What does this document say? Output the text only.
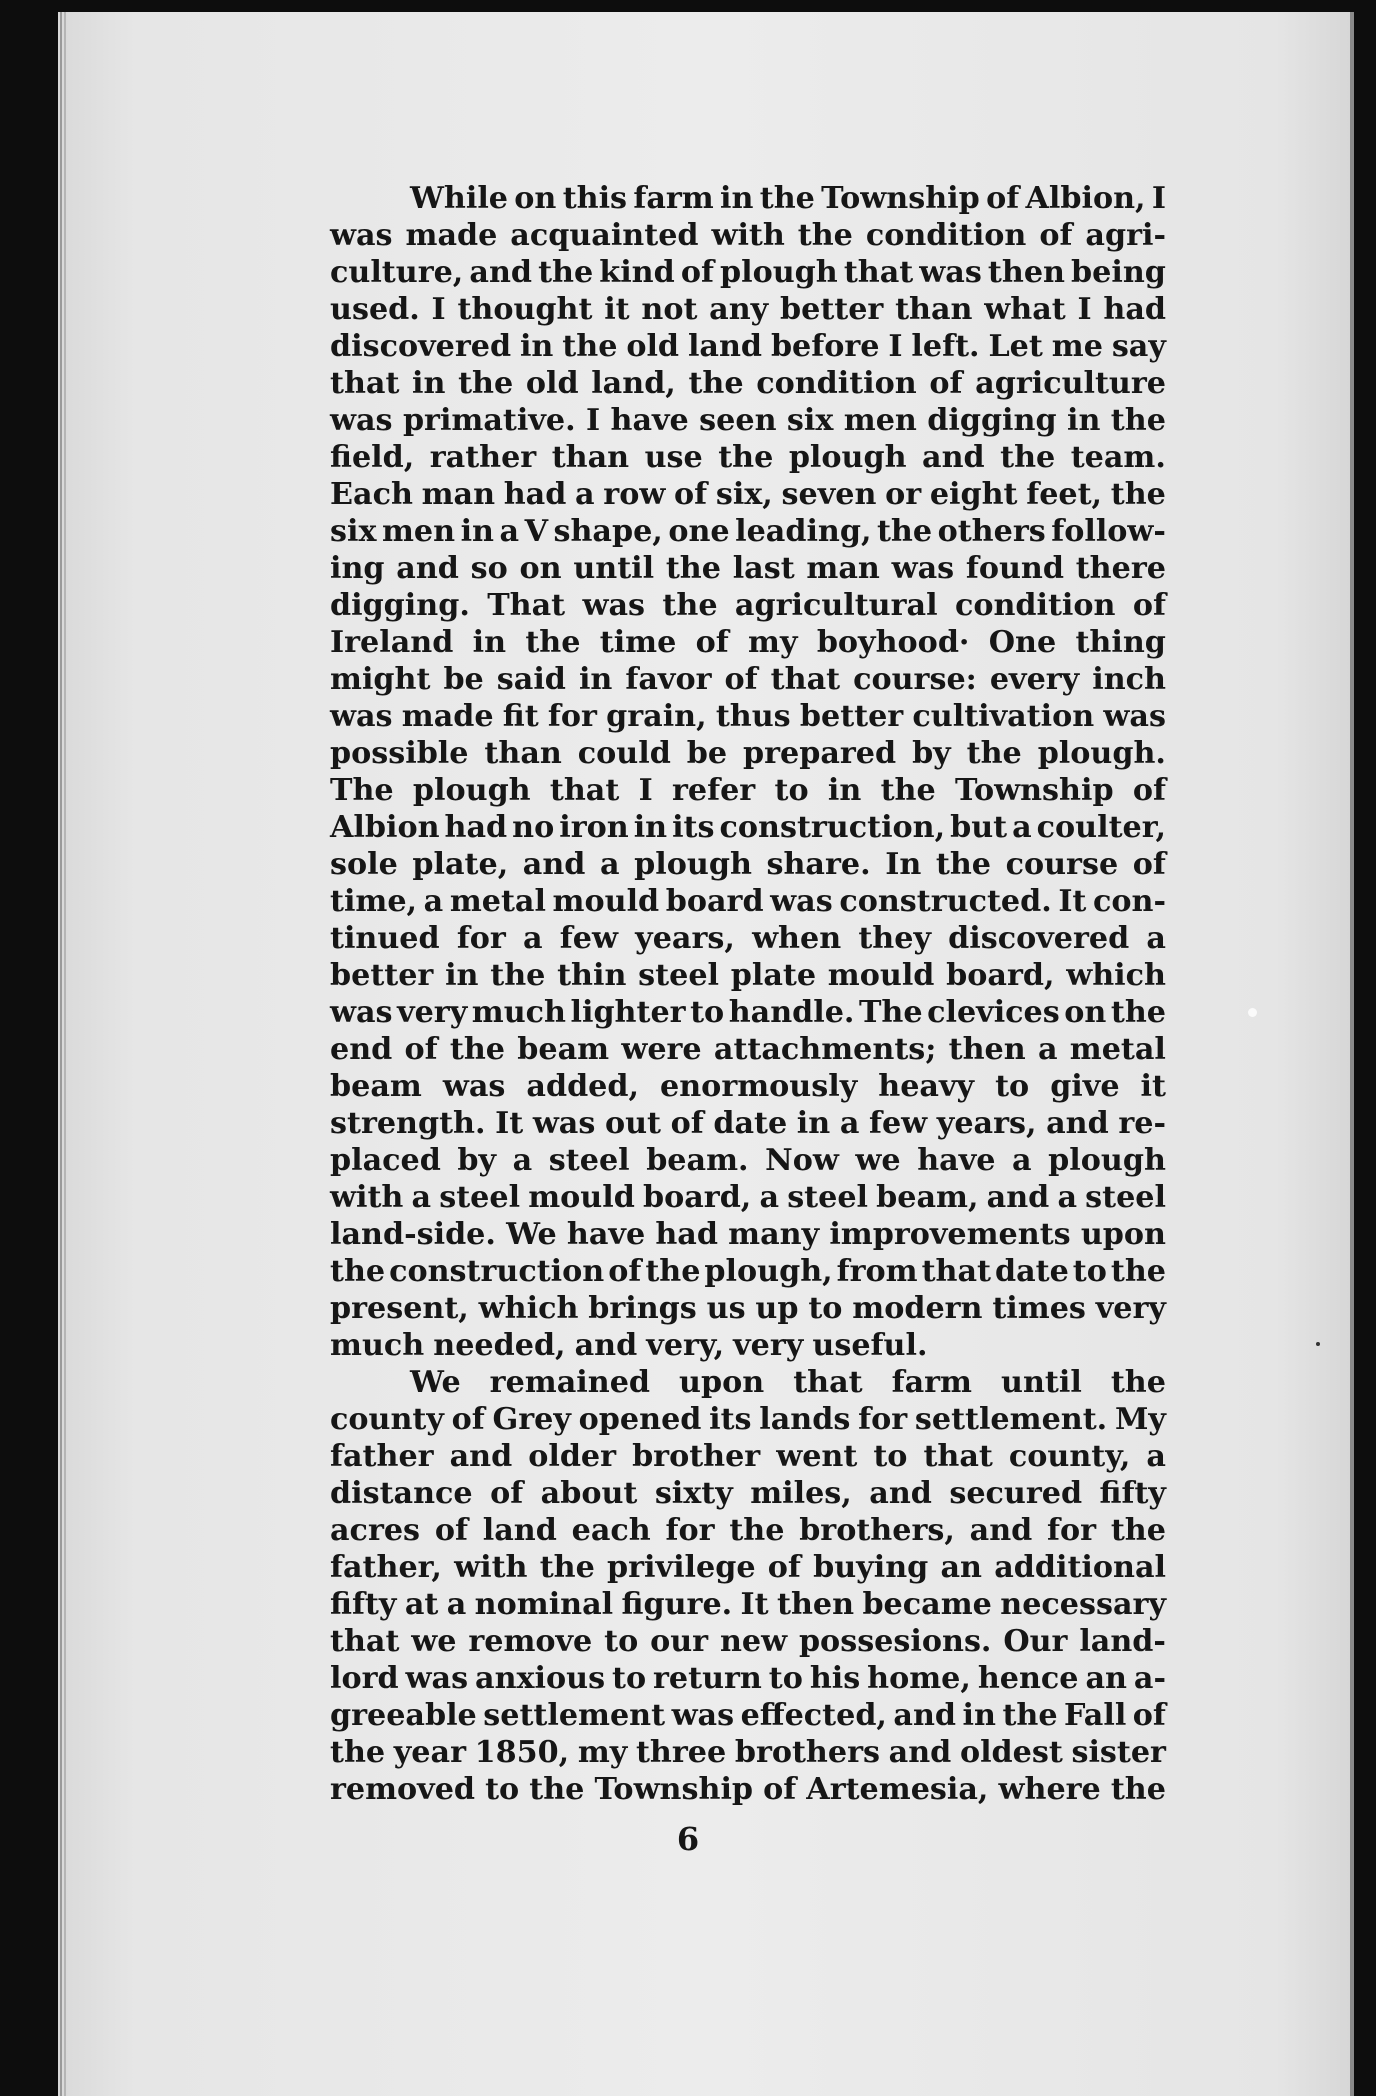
While on this farm in the Township of Albion, I
was made acquainted with the condition of agri-
culture, and the kind of plough that was then being
used. I thought it not any better than what I had
discovered in the old land before I left. Let me say
that in the old land, the condition of agriculture
was primative. I have seen six men digging in the
field, rather than use the plough and the team.
Each man had a row of six, seven or eight feet, the
six men in a V shape, one leading, the others follow-
ing and so on until the last man was found there
digging. That was the agricultural condition of
Ireland in the time of my boyhood· One thing
might be said in favor of that course: every inch
was made fit for grain, thus better cultivation was
possible than could be prepared by the plough.
The plough that I refer to in the Township of
Albion had no iron in its construction, but a coulter,
sole plate, and a plough share. In the course of
time, a metal mould board was constructed. It con-
tinued for a few years, when they discovered a
better in the thin steel plate mould board, which
was very much lighter to handle. The clevices on the
end of the beam were attachments; then a metal
beam was added, enormously heavy to give it
strength. It was out of date in a few years, and re-
placed by a steel beam. Now we have a plough
with a steel mould board, a steel beam, and a steel
land-side. We have had many improvements upon
the construction of the plough, from that date to the
present, which brings us up to modern times very
much needed, and very, very useful.
We remained upon that farm until the
county of Grey opened its lands for settlement. My
father and older brother went to that county, a
distance of about sixty miles, and secured fifty
acres of land each for the brothers, and for the
father, with the privilege of buying an additional
fifty at a nominal figure. It then became necessary
that we remove to our new possesions. Our land-
lord was anxious to return to his home, hence an a-
greeable settlement was effected, and in the Fall of
the year 1850, my three brothers and oldest sister
removed to the Township of Artemesia, where the
6
